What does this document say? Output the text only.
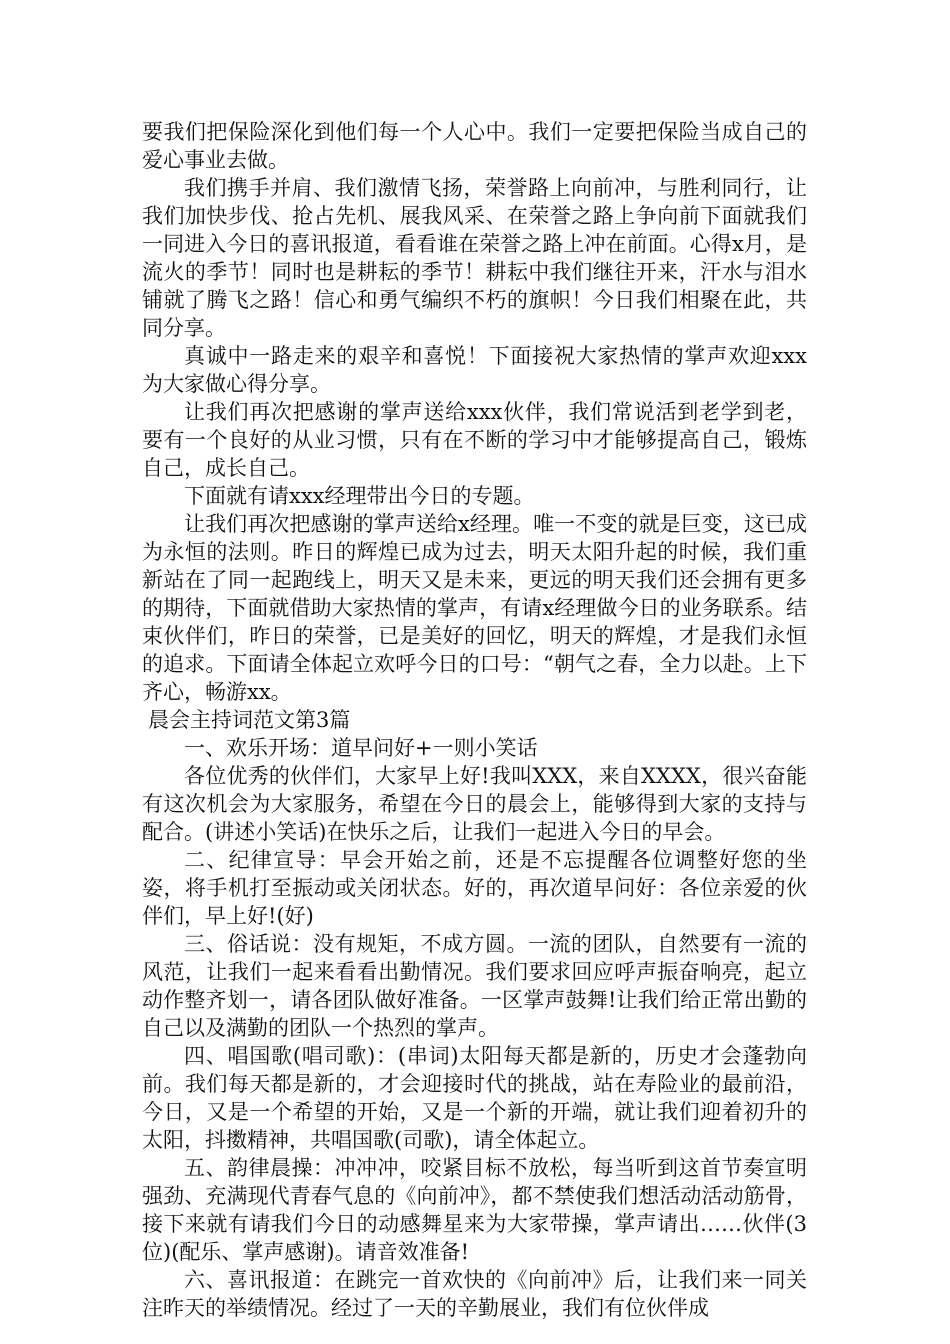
要我们把保险深化到他们每一个人心中。我们一定要把保险当成自己的爱心事业去做。

我们携手并肩、我们激情飞扬，荣誉路上向前冲，与胜利同行，让我们加快步伐、抢占先机、展我风采、在荣誉之路上争向前下面就我们一同进入今日的喜讯报道，看看谁在荣誉之路上冲在前面。心得x月，是流火的季节！同时也是耕耘的季节！耕耘中我们继往开来，汗水与泪水铺就了腾飞之路！信心和勇气编织不朽的旗帜！今日我们相聚在此，共同分享。

真诚中一路走来的艰辛和喜悦！下面接祝大家热情的掌声欢迎xxx为大家做心得分享。

让我们再次把感谢的掌声送给xxx伙伴，我们常说活到老学到老，要有一个良好的从业习惯，只有在不断的学习中才能够提高自己，锻炼自己，成长自己。

下面就有请xxx经理带出今日的专题。

让我们再次把感谢的掌声送给x经理。唯一不变的就是巨变，这已成为永恒的法则。昨日的辉煌已成为过去，明天太阳升起的时候，我们重新站在了同一起跑线上，明天又是未来，更远的明天我们还会拥有更多的期待，下面就借助大家热情的掌声，有请x经理做今日的业务联系。结束伙伴们，昨日的荣誉，已是美好的回忆，明天的辉煌，才是我们永恒的追求。下面请全体起立欢呼今日的口号：“朝气之春，全力以赴。上下齐心，畅游xx。

晨会主持词范文第3篇

一、欢乐开场：道早问好+一则小笑话

各位优秀的伙伴们，大家早上好!我叫XXX，来自XXXX，很兴奋能有这次机会为大家服务，希望在今日的晨会上，能够得到大家的支持与配合。(讲述小笑话)在快乐之后，让我们一起进入今日的早会。

二、纪律宣导：早会开始之前，还是不忘提醒各位调整好您的坐姿，将手机打至振动或关闭状态。好的，再次道早问好：各位亲爱的伙伴们，早上好!(好)

三、俗话说：没有规矩，不成方圆。一流的团队，自然要有一流的风范，让我们一起来看看出勤情况。我们要求回应呼声振奋响亮，起立动作整齐划一，请各团队做好准备。一区掌声鼓舞!让我们给正常出勤的自己以及满勤的团队一个热烈的掌声。

四、唱国歌(唱司歌)：(串词)太阳每天都是新的，历史才会蓬勃向前。我们每天都是新的，才会迎接时代的挑战，站在寿险业的最前沿，今日，又是一个希望的开始，又是一个新的开端，就让我们迎着初升的太阳，抖擞精神，共唱国歌(司歌)，请全体起立。

五、韵律晨操：冲冲冲，咬紧目标不放松，每当听到这首节奏宣明强劲、充满现代青春气息的《向前冲》，都不禁使我们想活动活动筋骨，接下来就有请我们今日的动感舞星来为大家带操，掌声请出……伙伴(3位)(配乐、掌声感谢)。请音效准备!

六、喜讯报道：在跳完一首欢快的《向前冲》后，让我们来一同关注昨天的举绩情况。经过了一天的辛勤展业，我们有位伙伴成
